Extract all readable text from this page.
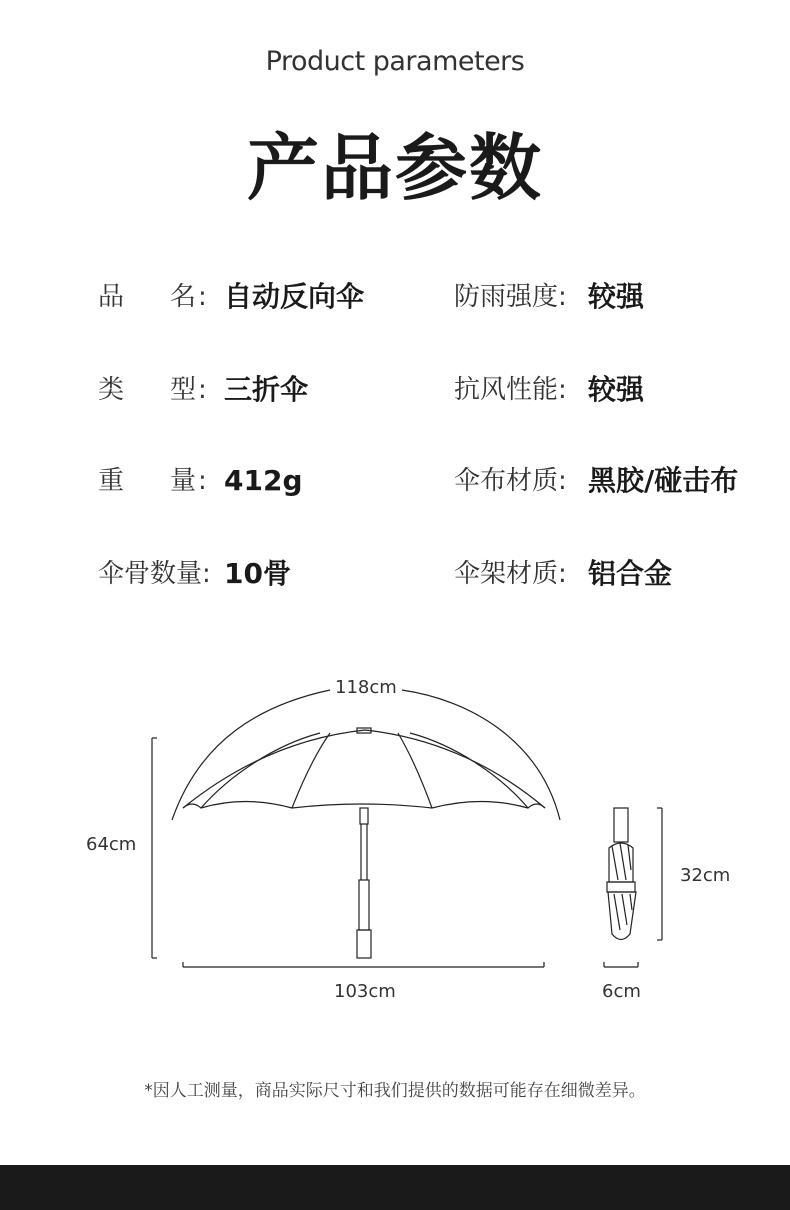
Product parameters
产品参数
品 名 : 自动反向伞
类 型 : 三折伞
重 量 : 412g
伞骨数量 : 10骨
防雨强度 : 较强
抗风性能 : 较强
伞布材质 : 黑胶/碰击布
伞架材质 : 铝合金
118cm
64cm
103cm
32cm
6cm
*因人工测量，商品实际尺寸和我们提供的数据可能存在细微差异。
